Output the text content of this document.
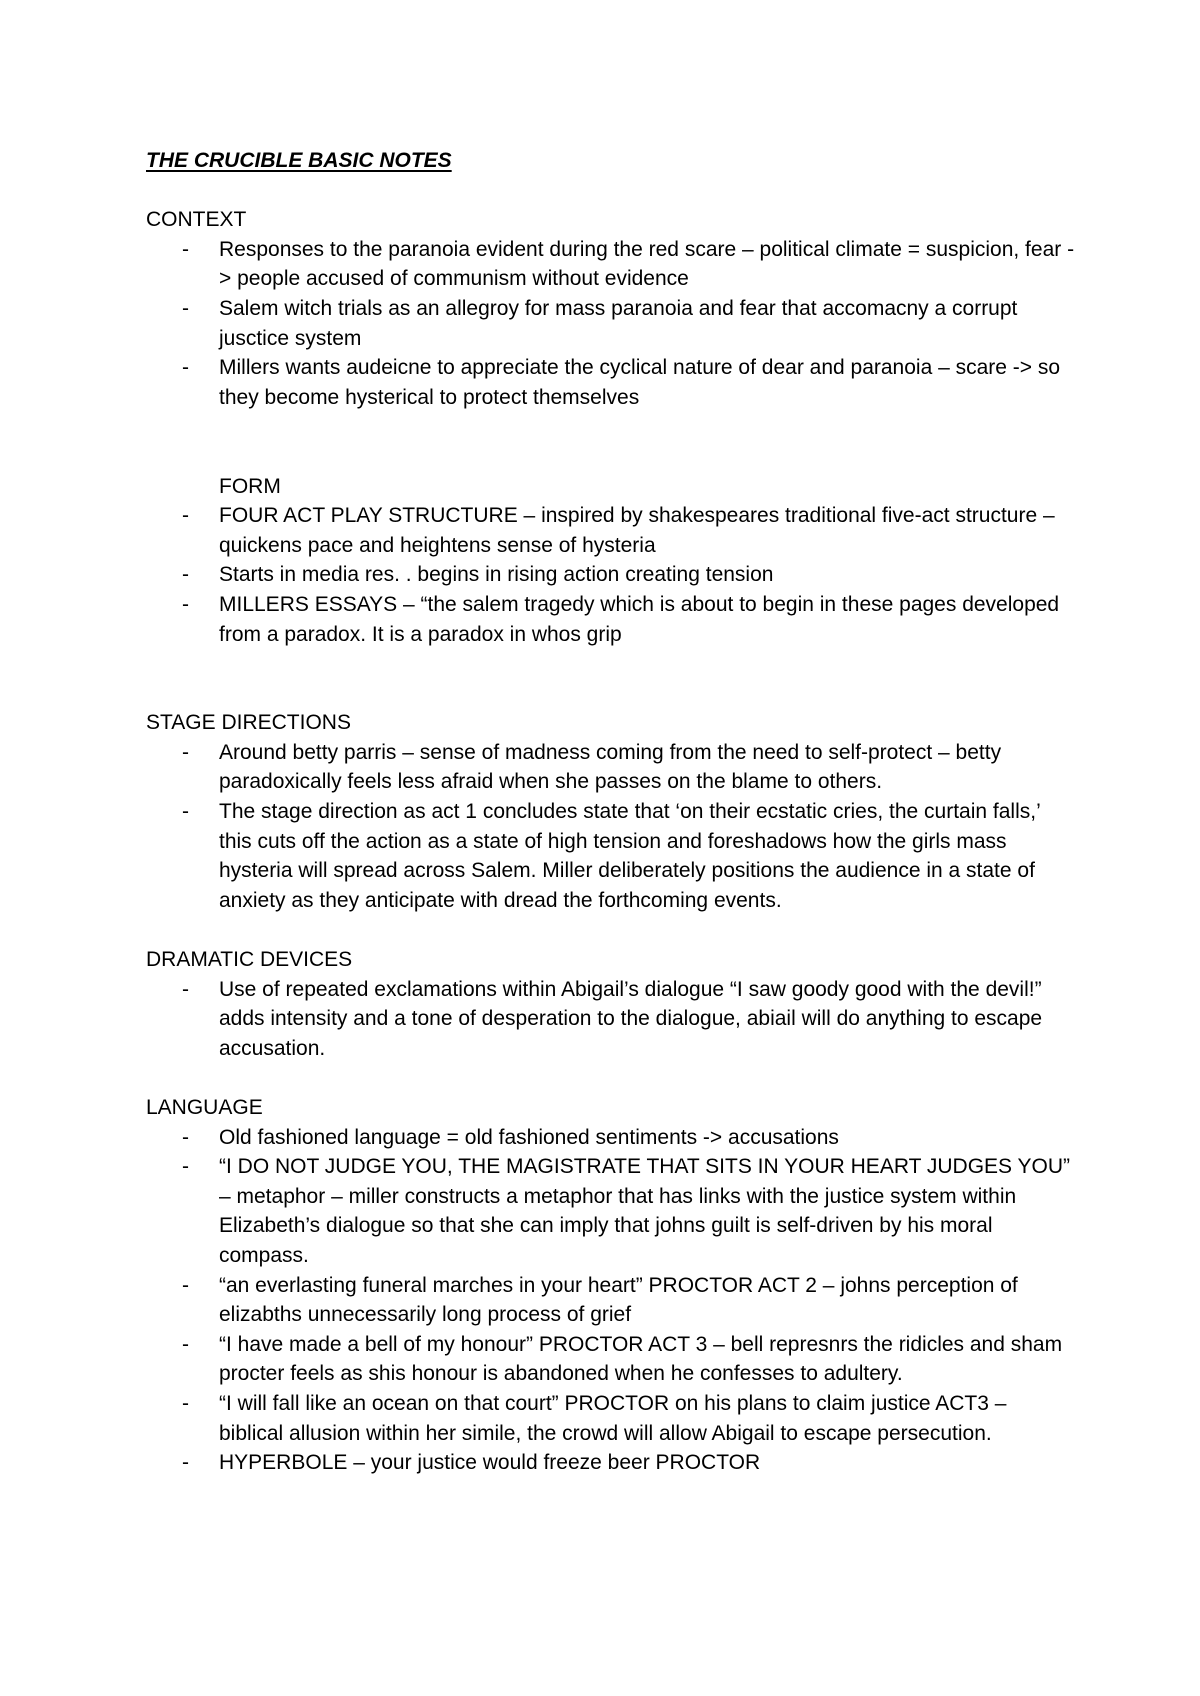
THE CRUCIBLE BASIC NOTES

CONTEXT

- Responses to the paranoia evident during the red scare – political climate = suspicion, fear -> people accused of communism without evidence
- Salem witch trials as an allegroy for mass paranoia and fear that accomacny a corrupt jusctice system
- Millers wants audeicne to appreciate the cyclical nature of dear and paranoia – scare -> so they become hysterical to protect themselves

FORM

- FOUR ACT PLAY STRUCTURE – inspired by shakespeares traditional five-act structure – quickens pace and heightens sense of hysteria
- Starts in media res. . begins in rising action creating tension
- MILLERS ESSAYS – “the salem tragedy which is about to begin in these pages developed from a paradox. It is a paradox in whos grip

STAGE DIRECTIONS

- Around betty parris – sense of madness coming from the need to self-protect – betty paradoxically feels less afraid when she passes on the blame to others.
- The stage direction as act 1 concludes state that ‘on their ecstatic cries, the curtain falls,’ this cuts off the action as a state of high tension and foreshadows how the girls mass hysteria will spread across Salem. Miller deliberately positions the audience in a state of anxiety as they anticipate with dread the forthcoming events.

DRAMATIC DEVICES

- Use of repeated exclamations within Abigail’s dialogue “I saw goody good with the devil!” adds intensity and a tone of desperation to the dialogue, abiail will do anything to escape accusation.

LANGUAGE

- Old fashioned language = old fashioned sentiments -> accusations
- “I DO NOT JUDGE YOU, THE MAGISTRATE THAT SITS IN YOUR HEART JUDGES YOU” – metaphor – miller constructs a metaphor that has links with the justice system within Elizabeth’s dialogue so that she can imply that johns guilt is self-driven by his moral compass.
- “an everlasting funeral marches in your heart” PROCTOR ACT 2 – johns perception of elizabths unnecessarily long process of grief
- “I have made a bell of my honour” PROCTOR ACT 3 – bell represnrs the ridicles and sham procter feels as shis honour is abandoned when he confesses to adultery.
- “I will fall like an ocean on that court” PROCTOR on his plans to claim justice ACT3 – biblical allusion within her simile, the crowd will allow Abigail to escape persecution.
- HYPERBOLE – your justice would freeze beer PROCTOR
